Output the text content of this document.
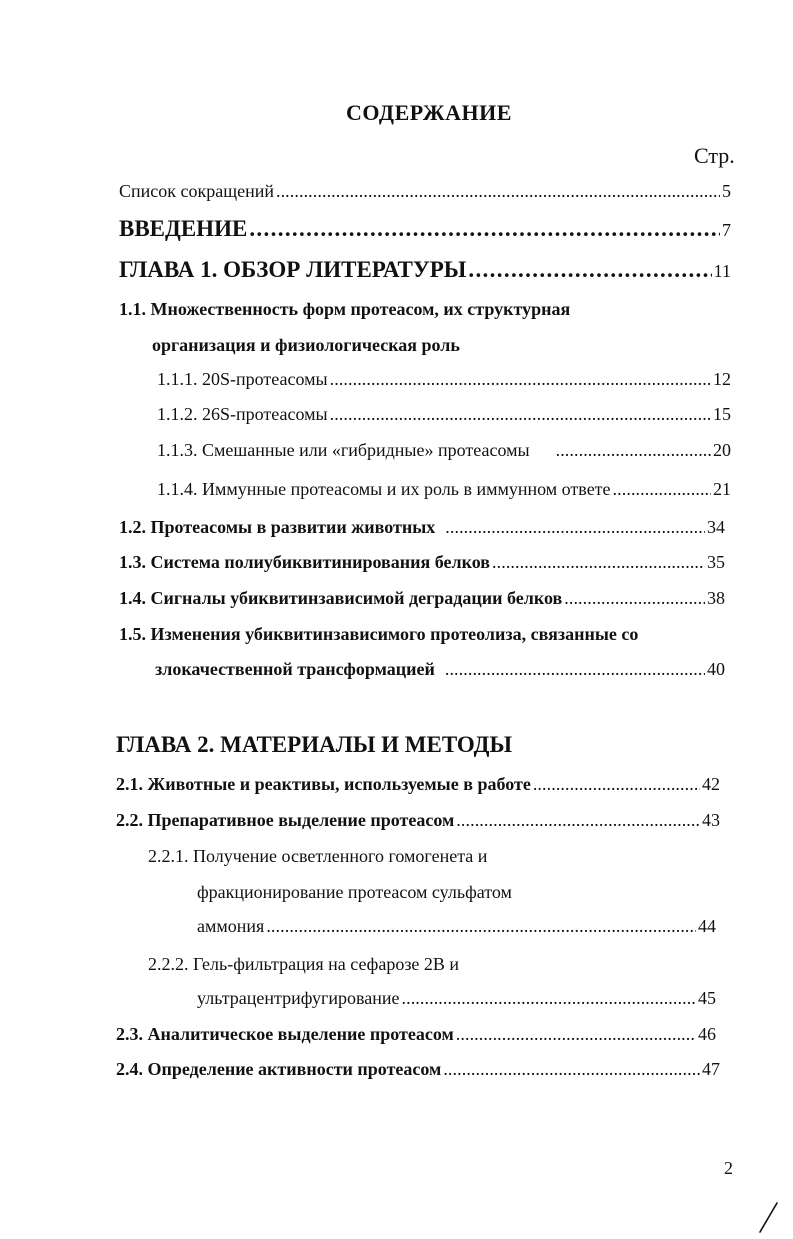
СОДЕРЖАНИЕ
Стр.
Список сокращений . . .	5
ВВЕДЕНИЕ . . .	7
ГЛАВА 1. ОБЗОР ЛИТЕРАТУРЫ . . .	11
1.1. Множественность форм протеасом, их структурная
организация и физиологическая роль
1.1.1. 20S-протеасомы . . .	12
1.1.2. 26S-протеасомы . . .	15
1.1.3. Смешанные или «гибридные» протеасомы . . .	20
1.1.4. Иммунные протеасомы и их роль в иммунном ответе . . .	21
1.2. Протеасомы в развитии животных . . .	34
1.3. Система полиубиквитинирования белков . . .	35
1.4. Сигналы убиквитинзависимой деградации белков . . .	38
1.5. Изменения убиквитинзависимого протеолиза, связанные со
злокачественной трансформацией . . .	40
ГЛАВА 2. МАТЕРИАЛЫ И МЕТОДЫ
2.1. Животные и реактивы, используемые в работе . . .	42
2.2. Препаративное выделение протеасом . . .	43
2.2.1. Получение осветленного гомогенета и
фракционирование протеасом сульфатом
аммония . . .	44
2.2.2. Гель-фильтрация на сефарозе 2В и
ультрацентрифугирование . . .	45
2.3. Аналитическое выделение протеасом . . .	46
2.4. Определение активности протеасом . . .	47
2
